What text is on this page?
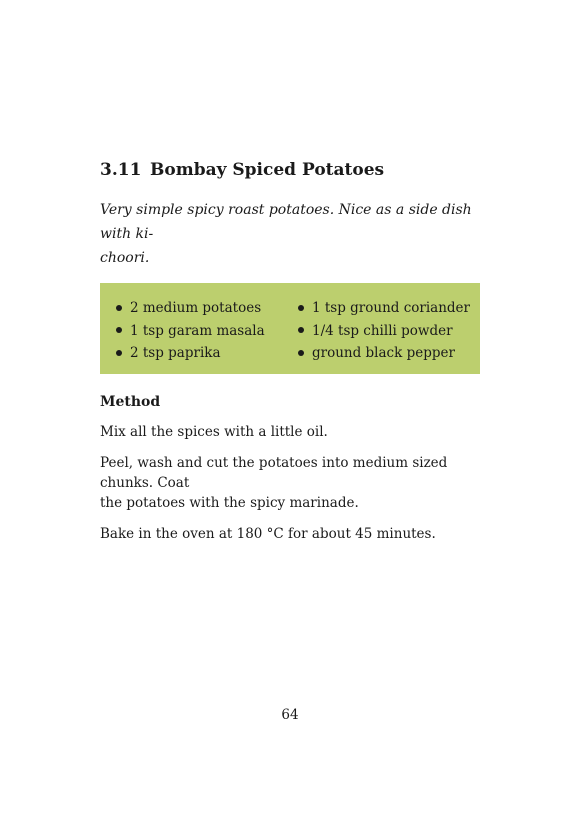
3.11 Bombay Spiced Potatoes
Very simple spicy roast potatoes. Nice as a side dish with ki-
choori.
2 medium potatoes
1 tsp garam masala
2 tsp paprika
1 tsp ground coriander
1/4 tsp chilli powder
ground black pepper
Method

Mix all the spices with a little oil.

Peel, wash and cut the potatoes into medium sized chunks. Coat
the potatoes with the spicy marinade.

Bake in the oven at 180 °C for about 45 minutes.

64
